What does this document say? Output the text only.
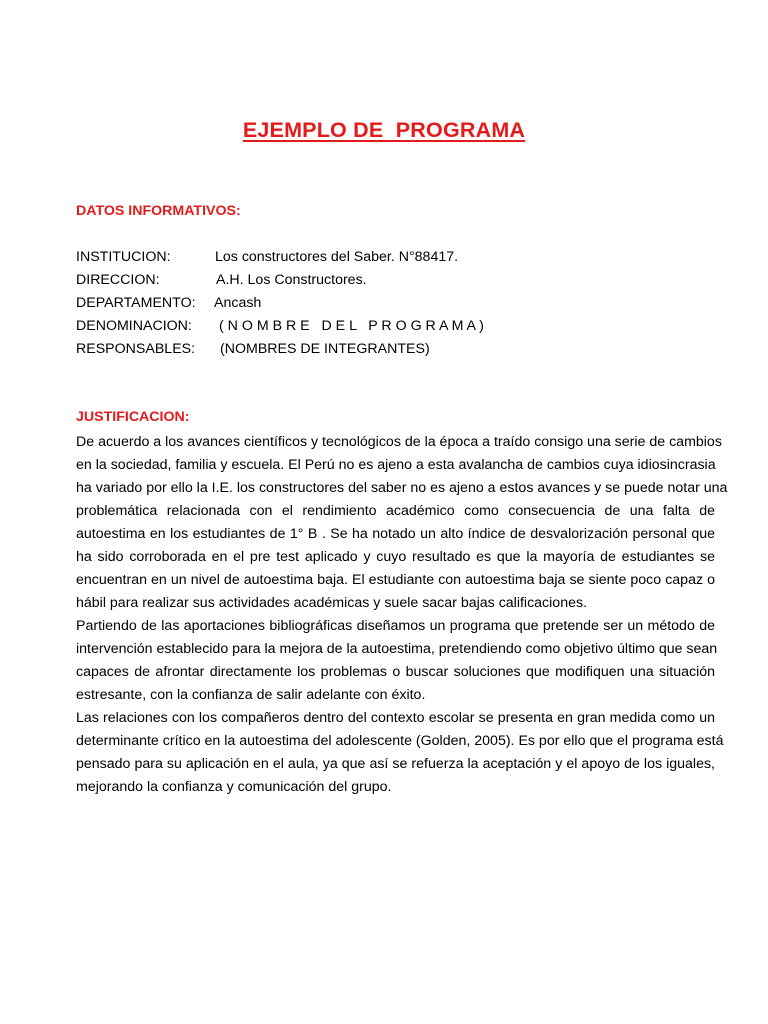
EJEMPLO DE  PROGRAMA
DATOS INFORMATIVOS:

INSTITUCION:

	Los constructores del Saber. N°88417.

DIRECCION:

	A.H. Los Constructores.

DEPARTAMENTO:

Ancash

DENOMINACION:

( N O M B R E   D E L   P R O G R A M A )

RESPONSABLES:

(NOMBRES DE INTEGRANTES)

JUSTIFICACION:
De acuerdo a los avances científicos y tecnológicos de la época a traído consigo una serie de cambios
en la sociedad, familia y escuela. El Perú no es ajeno a esta avalancha de cambios cuya idiosincrasia
ha variado por ello la I.E. los constructores del saber no es ajeno a estos avances y se puede notar una
problemática relacionada con el rendimiento académico como consecuencia de una falta de
autoestima en los estudiantes de 1° B . Se ha notado un alto índice de desvalorización personal que
ha sido corroborada en el pre test aplicado y cuyo resultado es que la mayoría de estudiantes se
encuentran en un nivel de autoestima baja. El estudiante con autoestima baja se siente poco capaz o
hábil para realizar sus actividades académicas y suele sacar bajas calificaciones.
Partiendo de las aportaciones bibliográficas diseñamos un programa que pretende ser un método de
intervención establecido para la mejora de la autoestima, pretendiendo como objetivo último que sean
capaces de afrontar directamente los problemas o buscar soluciones que modifiquen una situación
estresante, con la confianza de salir adelante con éxito.
Las relaciones con los compañeros dentro del contexto escolar se presenta en gran medida como un
determinante crítico en la autoestima del adolescente (Golden, 2005). Es por ello que el programa está
pensado para su aplicación en el aula, ya que así se refuerza la aceptación y el apoyo de los iguales,
mejorando la confianza y comunicación del grupo.
